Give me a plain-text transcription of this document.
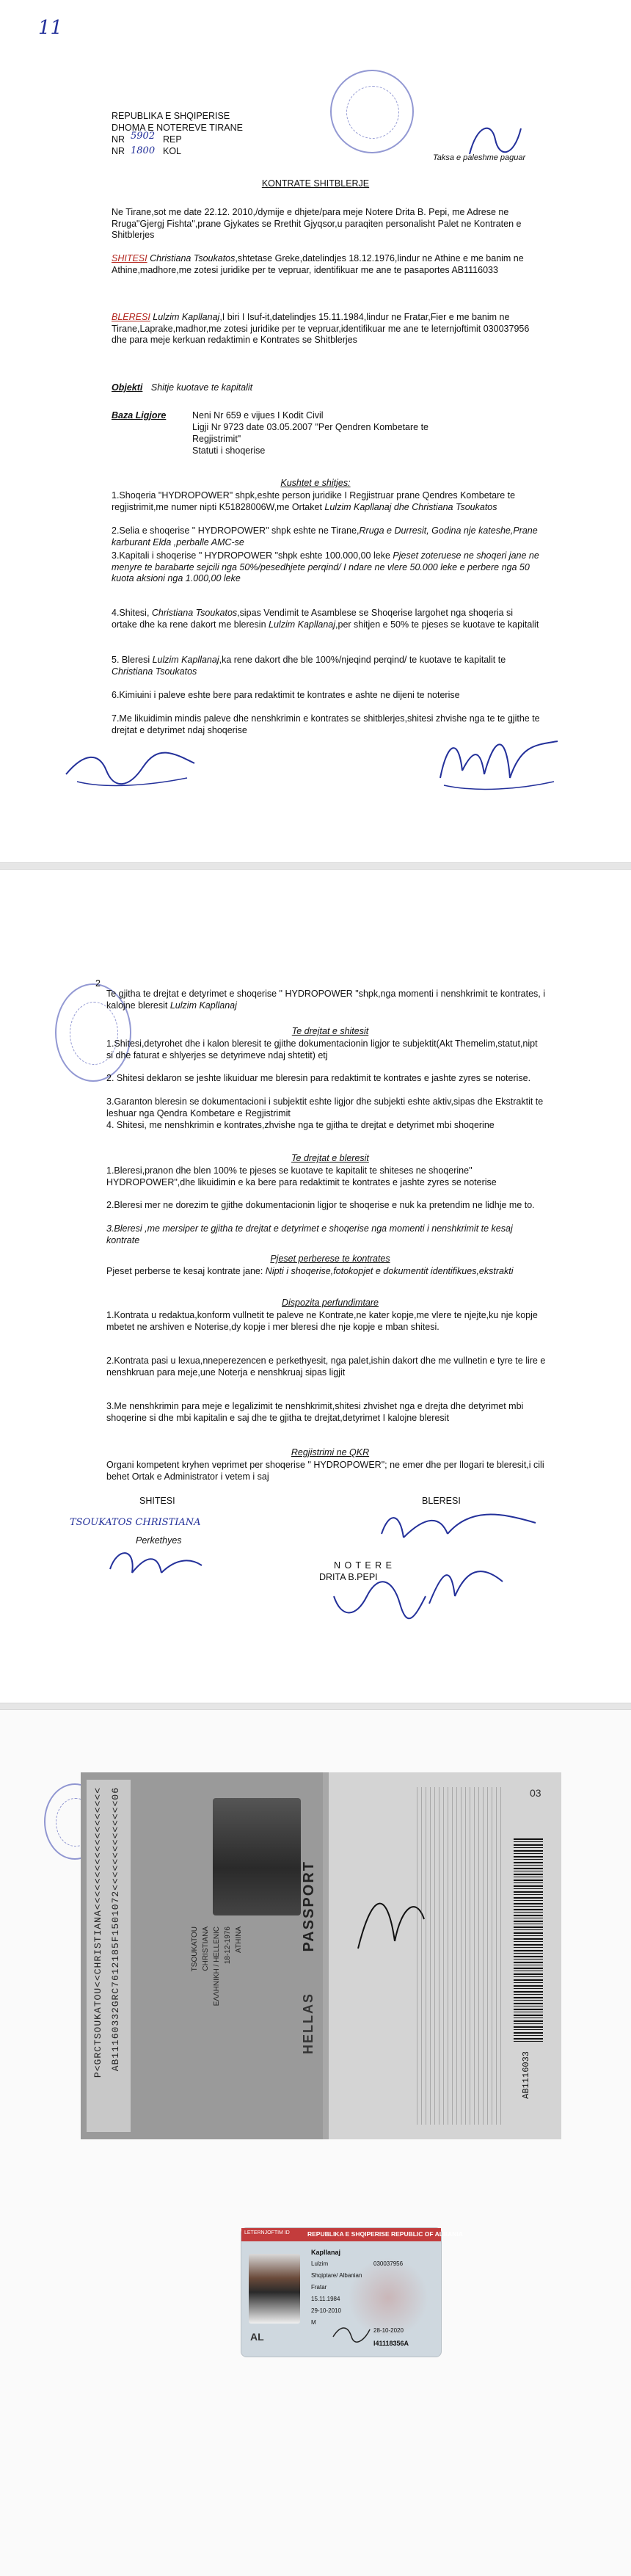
11
REPUBLIKA E SHQIPERISE
DHOMA E NOTEREVE TIRANE
NR 5902 REP
NR 1800 KOL
Taksa e paleshme paguar
KONTRATE SHITBLERJE
Ne Tirane,sot me date 22.12. 2010,/dymije e dhjete/para meje Notere Drita B. Pepi, me Adrese ne Rruga"Gjergj Fishta",prane Gjykates se Rrethit Gjyqsor,u paraqiten personalisht Palet ne Kontraten e Shitblerjes
SHITESI Christiana Tsoukatos,shtetase Greke,datelindjes 18.12.1976,lindur ne Athine e me banim ne Athine,madhore,me zotesi juridike per te vepruar, identifikuar me ane te pasaportes AB1116033
BLERESI Lulzim Kapllanaj,I biri I Isuf-it,datelindjes 15.11.1984,lindur ne Fratar,Fier e me banim ne Tirane,Laprake,madhor,me zotesi juridike per te vepruar,identifikuar me ane te leternjoftimit 030037956 dhe para meje kerkuan redaktimin e Kontrates se Shitblerjes
Objekti Shitje kuotave te kapitalit
Baza Ligjore	Neni Nr 659 e vijues I Kodit Civil
Ligji Nr 9723 date 03.05.2007 "Per Qendren Kombetare te
Regjistrimit"
Statuti i shoqerise
Kushtet e shitjes:
1.Shoqeria "HYDROPOWER" shpk,eshte person juridike I Regjistruar prane Qendres Kombetare te regjistrimit,me numer nipti K51828006W,me Ortaket Lulzim Kapllanaj dhe Christiana Tsoukatos
2.Selia e shoqerise " HYDROPOWER" shpk eshte ne Tirane,Rruga e Durresit, Godina nje kateshe,Prane karburant Elda ,perballe AMC-se
3.Kapitali i shoqerise " HYDROPOWER "shpk eshte 100.000,00 leke Pjeset zoteruese ne shoqeri jane ne menyre te barabarte sejcili nga 50%/pesedhjete perqind/ I ndare ne vlere 50.000 leke e perbere nga 50 kuota aksioni nga 1.000,00 leke
4.Shitesi, Christiana Tsoukatos,sipas Vendimit te Asamblese se Shoqerise largohet nga shoqeria si ortake dhe ka rene dakort me bleresin Lulzim Kapllanaj,per shitjen e 50% te pjeses se kuotave te kapitalit
5. Bleresi Lulzim Kapllanaj,ka rene dakort dhe ble 100%/njeqind perqind/ te kuotave te kapitalit te Christiana Tsoukatos
6.Kimiuini i paleve eshte bere para redaktimit te kontrates e ashte ne dijeni te noterise
7.Me likuidimin mindis paleve dhe nenshkrimin e kontrates se shitblerjes,shitesi zhvishe nga te te gjithe te drejtat e detyrimet ndaj shoqerise
2
Te gjitha te drejtat e detyrimet e shoqerise " HYDROPOWER "shpk,nga momenti i nenshkrimit te kontrates, i kalojne bleresit Lulzim Kapllanaj
Te drejtat e shitesit
1.Shitesi,detyrohet dhe i kalon bleresit te gjithe dokumentacionin ligjor te subjektit(Akt Themelim,statut,nipt si dhe faturat e shlyerjes se detyrimeve ndaj shtetit) etj
2. Shitesi deklaron se jeshte likuiduar me bleresin para redaktimit te kontrates e jashte zyres se noterise.
3.Garanton bleresin se dokumentacioni i subjektit eshte ligjor dhe subjekti eshte aktiv,sipas dhe Ekstraktit te leshuar nga Qendra Kombetare e Regjistrimit
4. Shitesi, me nenshkrimin e kontrates,zhvishe nga te gjitha te drejtat e detyrimet mbi shoqerine
Te drejtat e bleresit
1.Bleresi,pranon dhe blen 100% te pjeses se kuotave te kapitalit te shiteses ne shoqerine" HYDROPOWER",dhe likuidimin e ka bere para redaktimit te kontrates e jashte zyres se noterise
2.Bleresi mer ne dorezim te gjithe dokumentacionin ligjor te shoqerise e nuk ka pretendim ne lidhje me to.
3.Bleresi ,me mersiper te gjitha te drejtat e detyrimet e shoqerise nga momenti i nenshkrimit te kesaj kontrate
Pjeset perberese te kontrates
Pjeset perberse te kesaj kontrate jane: Nipti i shoqerise,fotokopjet e dokumentit identifikues,ekstrakti
Dispozita perfundimtare
1.Kontrata u redaktua,konform vullnetit te paleve ne Kontrate,ne kater kopje,me vlere te njejte,ku nje kopje mbetet ne arshiven e Noterise,dy kopje i mer bleresi dhe nje kopje e mban shitesi.
2.Kontrata pasi u lexua,nneperezencen e perkethyesit, nga palet,ishin dakort dhe me vullnetin e tyre te lire e nenshkruan para meje,une Noterja e nenshkruaj sipas ligjit
3.Me nenshkrimin para meje e legalizimit te nenshkrimit,shitesi zhvishet nga e drejta dhe detyrimet mbi shoqerine si dhe mbi kapitalin e saj dhe te gjitha te drejtat,detyrimet I kalojne bleresit
Regjistrimi ne QKR
Organi kompetent kryhen veprimet per shoqerise " HYDROPOWER"; ne emer dhe per llogari te bleresit,i cili behet Ortak e Administrator i vetem i saj
SHITESI	BLERESI
TSOUKATOS CHRISTIANA
Perkethyes
N O T E R E
DRITA B.PEPI
P<GRCTSOUKATOU<<CHRISTIANA<<<<<<<<<<<<<<<<<<< AB11160332GRC7612185F1501072<<<<<<<<<<<<<<06	TSOUKATOU CHRISTIANA ΕΛΛΗΝΙΚΗ / HELLENIC 18-12-1976 ATHINA	PASSPORT
HELLAS
03
AB1116033
LETERNJOFTIM ID	REPUBLIKA E SHQIPERISE REPUBLIC OF ALBANIA
AL
Kapllanaj
Lulzim
Shqiptare/ Albanian
030037956
Fratar
15.11.1984
29-10-2010
28-10-2020
M
I41118356A
